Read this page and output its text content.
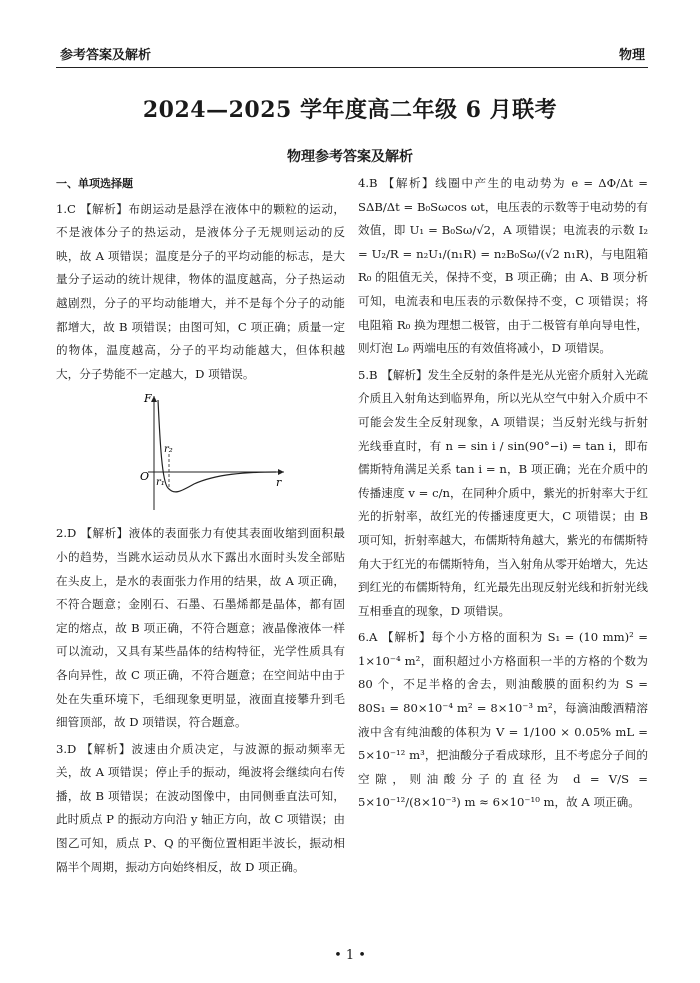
参考答案及解析	物理
2024—2025 学年度高二年级 6 月联考
物理参考答案及解析
一、单项选择题

1.C 【解析】布朗运动是悬浮在液体中的颗粒的运动，不是液体分子的热运动，是液体分子无规则运动的反映，故 A 项错误；温度是分子的平均动能的标志，是大量分子运动的统计规律，物体的温度越高，分子热运动越剧烈，分子的平均动能增大，并不是每个分子的动能都增大，故 B 项错误；由图可知，C 项正确；质量一定的物体，温度越高，分子的平均动能越大，但体积越大，分子势能不一定越大，D 项错误。

F
O r₁
r₂
r

2.D 【解析】液体的表面张力有使其表面收缩到面积最小的趋势，当跳水运动员从水下露出水面时头发全部贴在头皮上，是水的表面张力作用的结果，故 A 项正确，不符合题意；金刚石、石墨、石墨烯都是晶体，都有固定的熔点，故 B 项正确，不符合题意；液晶像液体一样可以流动，又具有某些晶体的结构特征，光学性质具有各向异性，故 C 项正确，不符合题意；在空间站中由于处在失重环境下，毛细现象更明显，液面直接攀升到毛细管顶部，故 D 项错误，符合题意。

3.D 【解析】波速由介质决定，与波源的振动频率无关，故 A 项错误；停止手的振动，绳波将会继续向右传播，故 B 项错误；在波动图像中，由同侧垂直法可知，此时质点 P 的振动方向沿 y 轴正方向，故 C 项错误；由图乙可知，质点 P、Q 的平衡位置相距半波长，振动相隔半个周期，振动方向始终相反，故 D 项正确。

4.B 【解析】线圈中产生的电动势为 e = ΔΦ/Δt = SΔB/Δt = B₀Sωcos ωt，电压表的示数等于电动势的有效值，即 U₁ = B₀Sω/√2，A 项错误；电流表的示数 I₂ = U₂/R = n₂U₁/(n₁R) = n₂B₀Sω/(√2 n₁R)，与电阻箱 R₀ 的阻值无关，保持不变，B 项正确；由 A、B 项分析可知，电流表和电压表的示数保持不变，C 项错误；将电阻箱 R₀ 换为理想二极管，由于二极管有单向导电性，则灯泡 L₀ 两端电压的有效值将减小，D 项错误。

5.B 【解析】发生全反射的条件是光从光密介质射入光疏介质且入射角达到临界角，所以光从空气中射入介质中不可能会发生全反射现象，A 项错误；当反射光线与折射光线垂直时，有 n = sin i / sin(90°−i) = tan i，即布儒斯特角满足关系 tan i = n，B 项正确；光在介质中的传播速度 v = c/n，在同种介质中，紫光的折射率大于红光的折射率，故红光的传播速度更大，C 项错误；由 B 项可知，折射率越大，布儒斯特角越大，紫光的布儒斯特角大于红光的布儒斯特角，当入射角从零开始增大，先达到红光的布儒斯特角，红光最先出现反射光线和折射光线互相垂直的现象，D 项错误。

6.A 【解析】每个小方格的面积为 S₁ = (10 mm)² = 1×10⁻⁴ m²，面积超过小方格面积一半的方格的个数为 80 个，不足半格的舍去，则油酸膜的面积约为 S = 80S₁ = 80×10⁻⁴ m² = 8×10⁻³ m²，每滴油酸酒精溶液中含有纯油酸的体积为 V = 1/100 × 0.05% mL = 5×10⁻¹² m³，把油酸分子看成球形，且不考虑分子间的空隙，则油酸分子的直径为 d = V/S = 5×10⁻¹²/(8×10⁻³) m ≈ 6×10⁻¹⁰ m，故 A 项正确。

• 1 •
